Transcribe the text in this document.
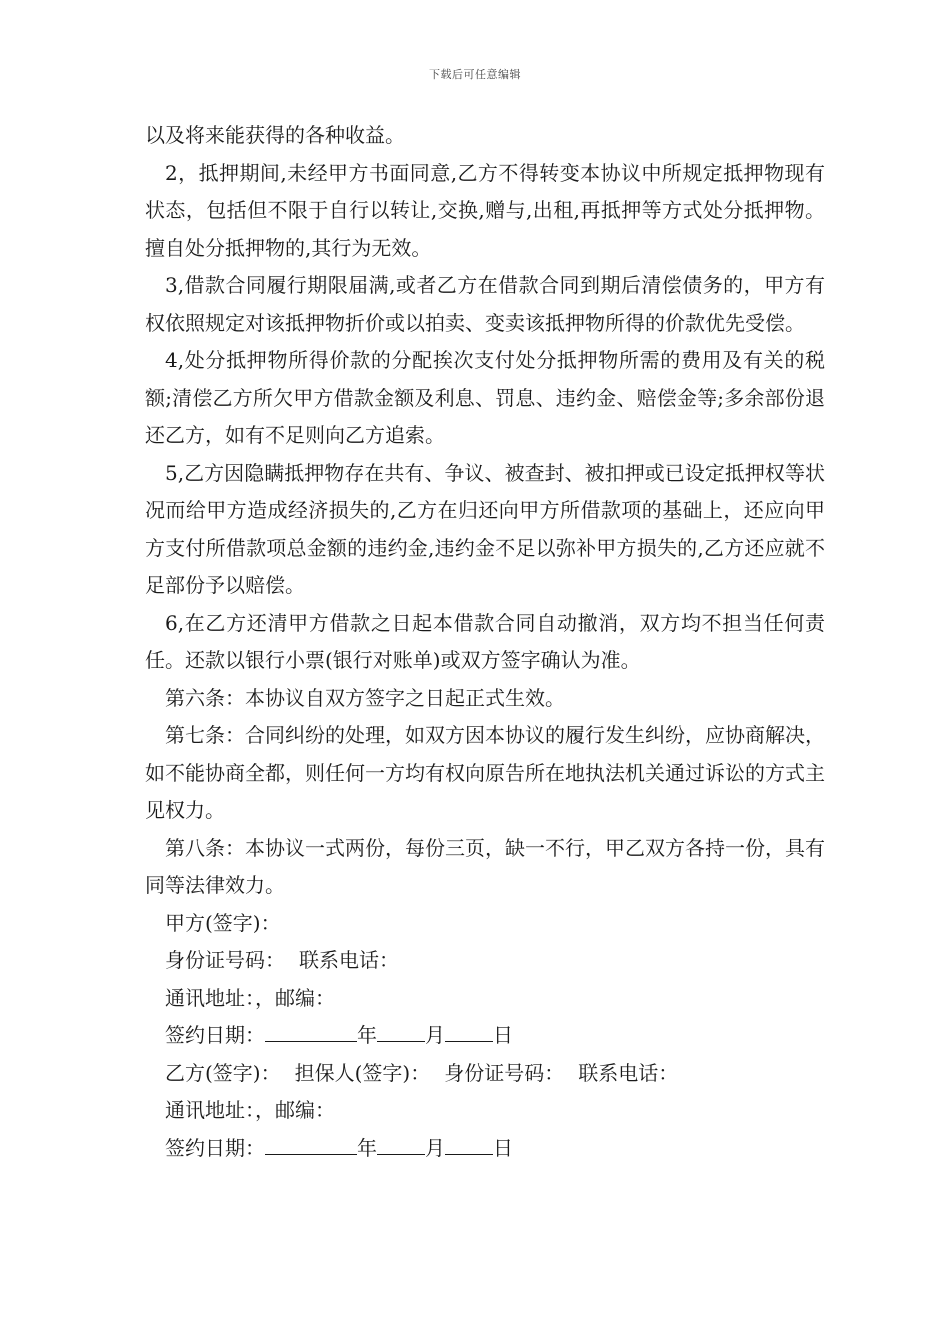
下载后可任意编辑

以及将来能获得的各种收益。

2，抵押期间,未经甲方书面同意,乙方不得转变本协议中所规定抵押物现有状态，包括但不限于自行以转让,交换,赠与,出租,再抵押等方式处分抵押物。擅自处分抵押物的,其行为无效。

3,借款合同履行期限届满,或者乙方在借款合同到期后清偿债务的，甲方有权依照规定对该抵押物折价或以拍卖、变卖该抵押物所得的价款优先受偿。

4,处分抵押物所得价款的分配挨次支付处分抵押物所需的费用及有关的税额;清偿乙方所欠甲方借款金额及利息、罚息、违约金、赔偿金等;多余部份退还乙方，如有不足则向乙方追索。

5,乙方因隐瞒抵押物存在共有、争议、被查封、被扣押或已设定抵押权等状况而给甲方造成经济损失的,乙方在归还向甲方所借款项的基础上，还应向甲方支付所借款项总金额的违约金,违约金不足以弥补甲方损失的,乙方还应就不足部份予以赔偿。

6,在乙方还清甲方借款之日起本借款合同自动撤消，双方均不担当任何责任。还款以银行小票(银行对账单)或双方签字确认为准。

第六条：本协议自双方签字之日起正式生效。

第七条：合同纠纷的处理，如双方因本协议的履行发生纠纷，应协商解决，如不能协商全都，则任何一方均有权向原告所在地执法机关通过诉讼的方式主见权力。

第八条：本协议一式两份，每份三页，缺一不行，甲乙双方各持一份，具有同等法律效力。

甲方(签字)：

身份证号码： 联系电话：

通讯地址：，邮编：

签约日期：	年 月 日

乙方(签字)： 担保人(签字)： 身份证号码： 联系电话：

通讯地址：，邮编：

签约日期：	年 月 日
